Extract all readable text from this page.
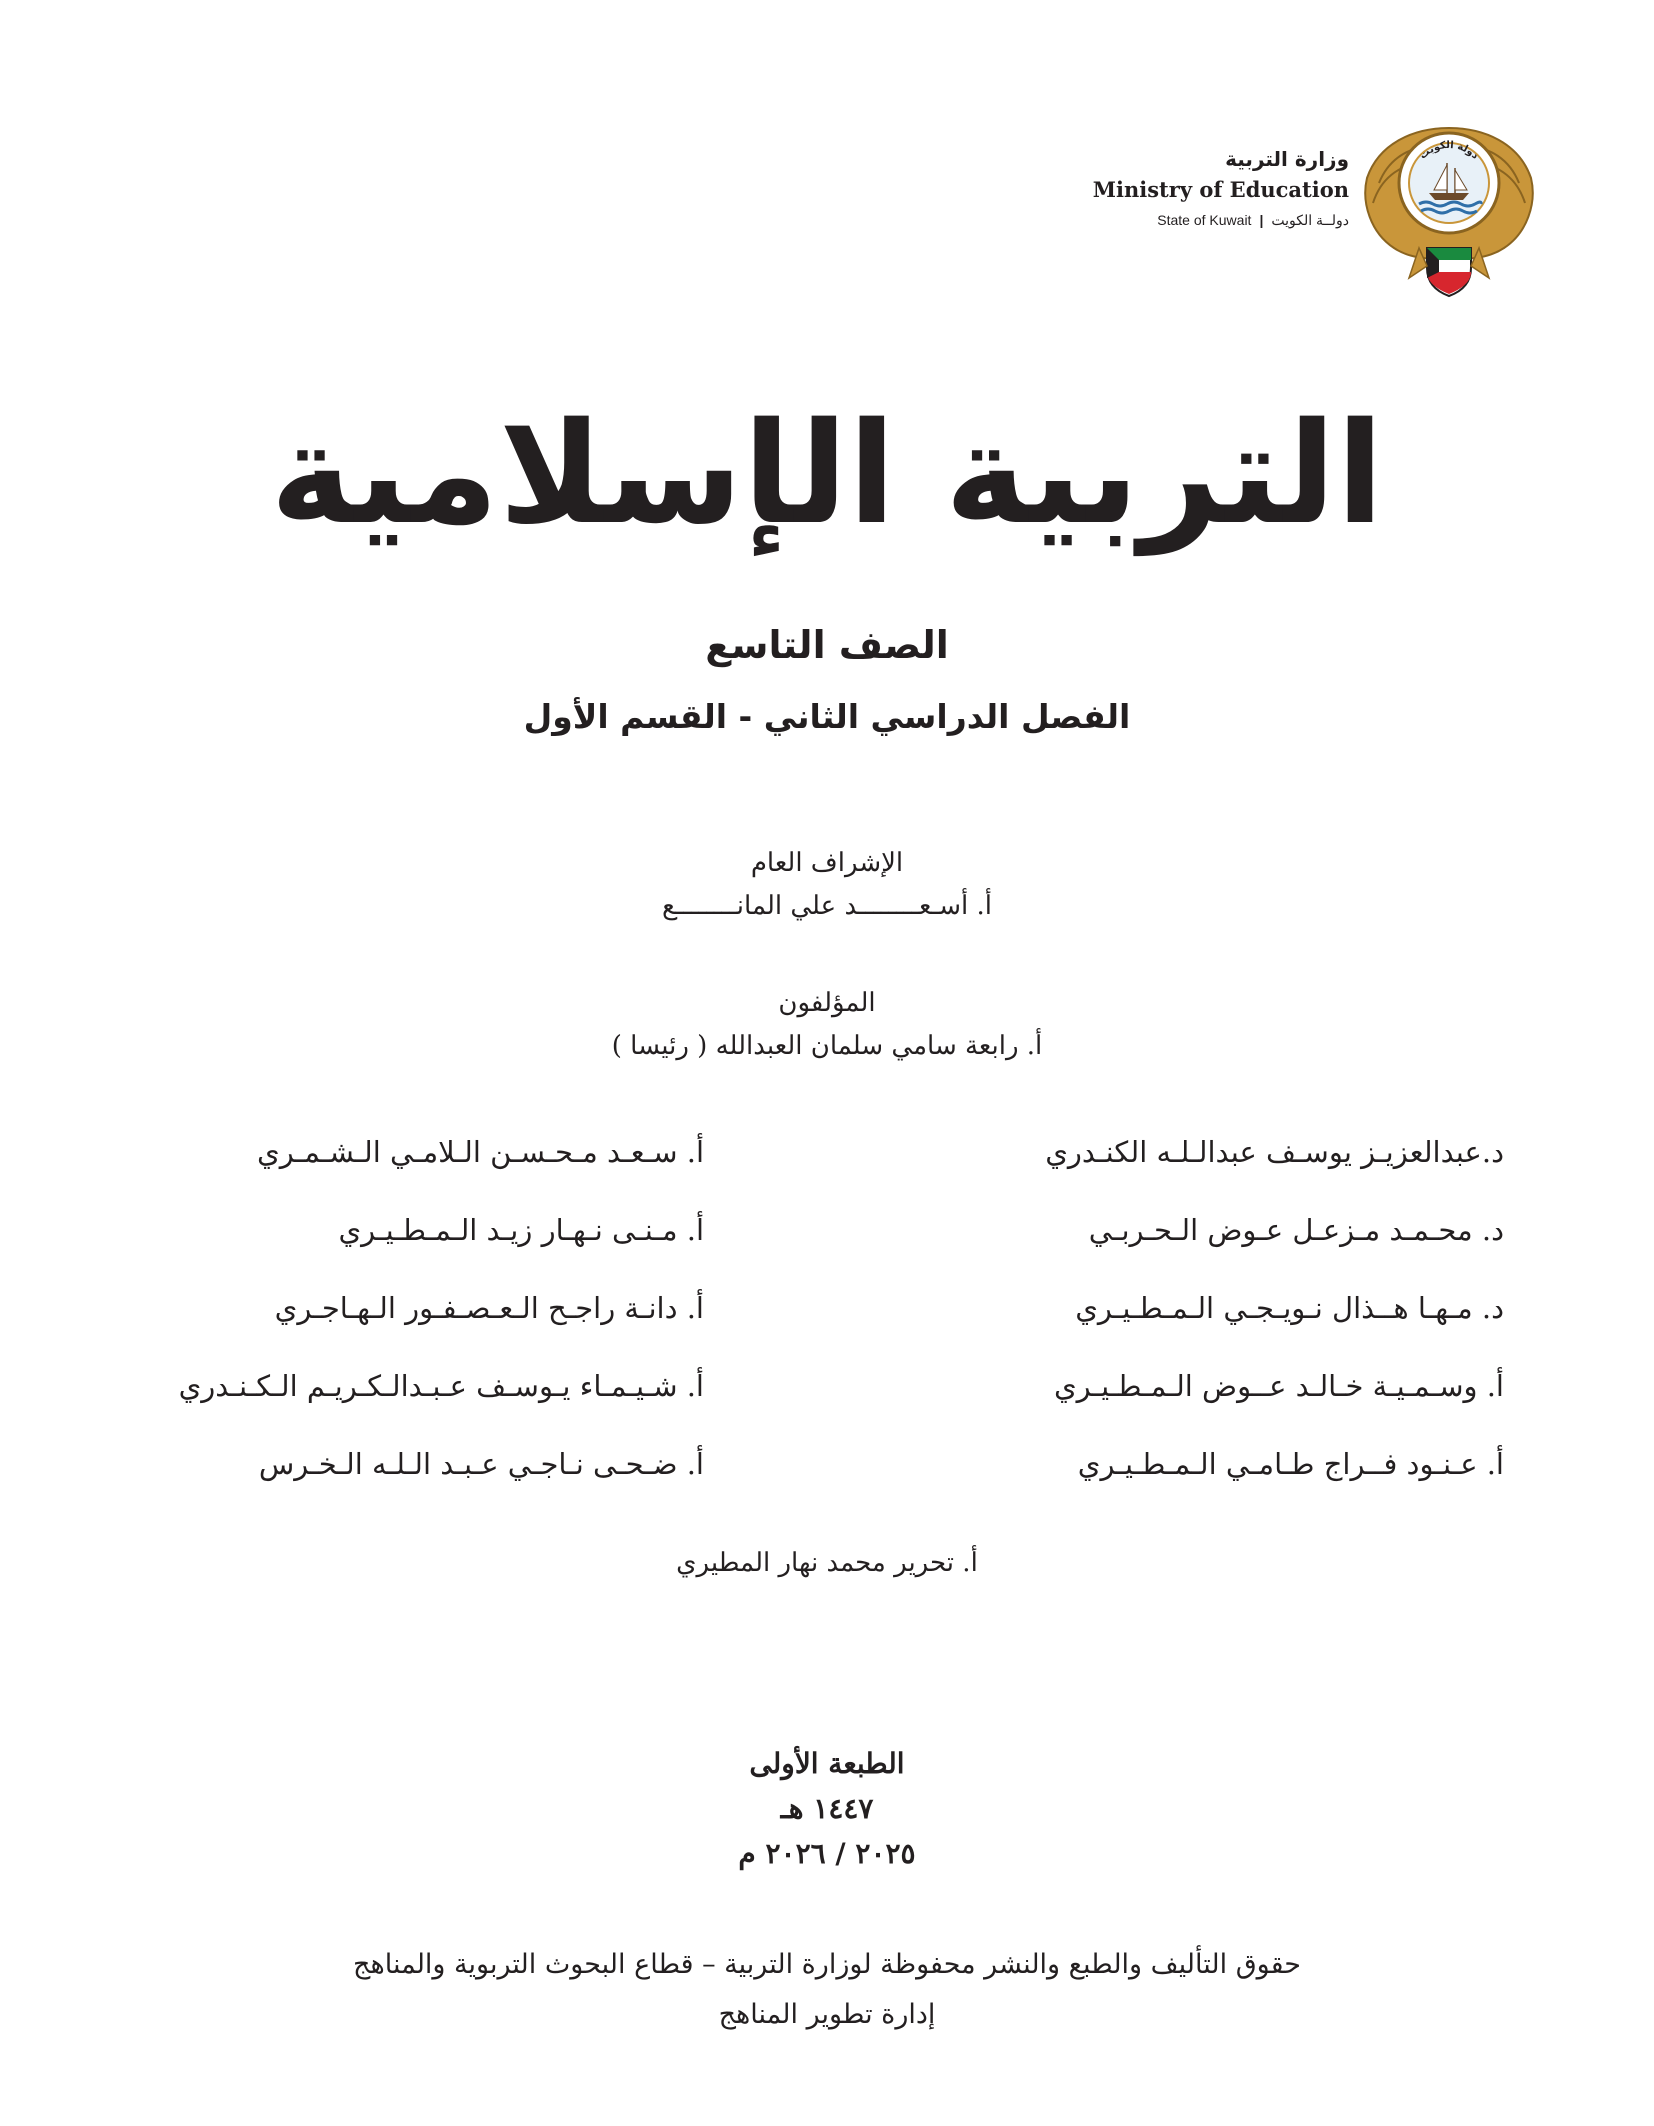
وزارة التربية
Ministry of Education
State of Kuwait | دولــة الكويت
دولة الكويت
التربية الإسلامية
الصف التاسع
الفصل الدراسي الثاني - القسم الأول
الإشراف العام
أ. أسـعــــــــد علي المانــــــــع
المؤلفون
أ. رابعة سامي سلمان العبدالله ( رئيسا )
د.عبدالعزيـز يوسـف عبدالـلـه الكنـدري
د. محـمـد مـزعـل عـوض الـحـربـي
د. مـهـا هــذال نـويـجـي الـمـطـيـري
أ. وسـمـيـة خـالـد عــوض الـمـطـيـري
أ. عـنـود فــراج طـامـي الـمـطـيـري
أ. سـعـد مـحـسـن الـلامـي الـشـمـري
أ. مـنـى نـهـار زيـد الـمـطـيـري
أ. دانـة راجـح الـعـصـفـور الـهـاجـري
أ. شـيـمـاء يـوسـف عـبـدالـكـريـم الـكـنـدري
أ. ضـحـى نـاجـي عـبـد الـلـه الـخـرس
أ. تحرير محمد نهار المطيري
الطبعة الأولى
١٤٤٧ هـ
٢٠٢٥ / ٢٠٢٦ م
حقوق التأليف والطبع والنشر محفوظة لوزارة التربية – قطاع البحوث التربوية والمناهج
إدارة تطوير المناهج
